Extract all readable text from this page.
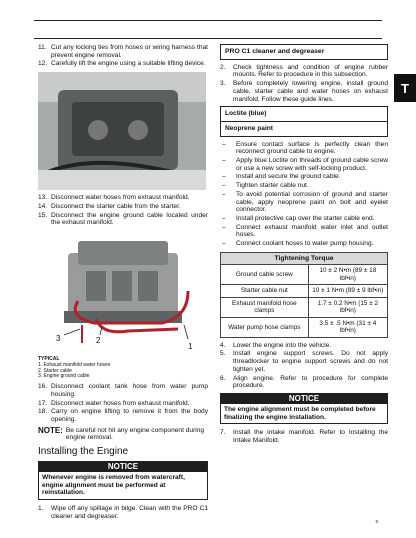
T
11. Cut any locking ties from hoses or wiring harness that prevent engine removal.
12. Carefully lift the engine using a suitable lifting device.
13. Disconnect water hoses from exhaust manifold.
14. Disconnect the starter cable from the starter.
15. Disconnect the engine ground cable located under the exhaust manifold.
3	2
1
TYPICAL
1. Exhaust manifold water hoses
2. Starter cable
3. Engine ground cable
16. Disconnect coolant tank hose from water pump housing.
17. Disconnect water hoses from exhaust manifold.
18. Carry on engine lifting to remove it from the body opening.
NOTE: Be careful not hit any engine component during engine removal.
Installing the Engine
NOTICE
Whenever engine is removed from watercraft, engine alignment must be performed at reinstallation.
1.	Wipe off any spillage in bilge. Clean with the PRO C1 cleaner and degreaser.
PRO C1 cleaner and degreaser
2.	Check tightness and condition of engine rubber mounts. Refer to procedure in this subsection.
3.	Before completely lowering engine, install ground cable, starter cable and water hoses on exhaust manifold. Follow these guide lines.
Loctite (blue)
Neoprene paint
–	Ensure contact surface is perfectly clean then reconnect ground cable to engine.
–	Apply blue Loctite on threads of ground cable screw or use a new screw with self-locking product.
–	Install and secure the ground cable.
–	Tighten starter cable nut.
–	To avoid potential corrosion of ground and starter cable, apply neoprene paint on bolt and eyelet connector.
–	Install protective cap over the starter cable end.
–	Connect exhaust manifold water inlet and outlet hoses.
–	Connect coolant hoses to water pump housing.
Tightening Torque	
Ground cable screw	10 ± 2 N•m (89 ± 18 lbf•in)
Starter cable nut	10 ± 1 N•m (89 ± 9 lbf•in)
Exhaust manifold hose clamps	1.7 ± 0.2 N•m (15 ± 2 lbf•in)
Water pump hose clamps	3.5 ± .5 N•m (31 ± 4 lbf•in)
4.	Lower the engine into the vehicle.
5.	Install engine support screws. Do not apply threadlocker to engine support screws and do not tighten yet.
6.	Align engine. Refer to procedure for complete procedure.
NOTICE
The engine alignment must be completed before finalizing the engine installation.
7.	Install the intake manifold. Refer to Installing the Intake Manifold.
9
